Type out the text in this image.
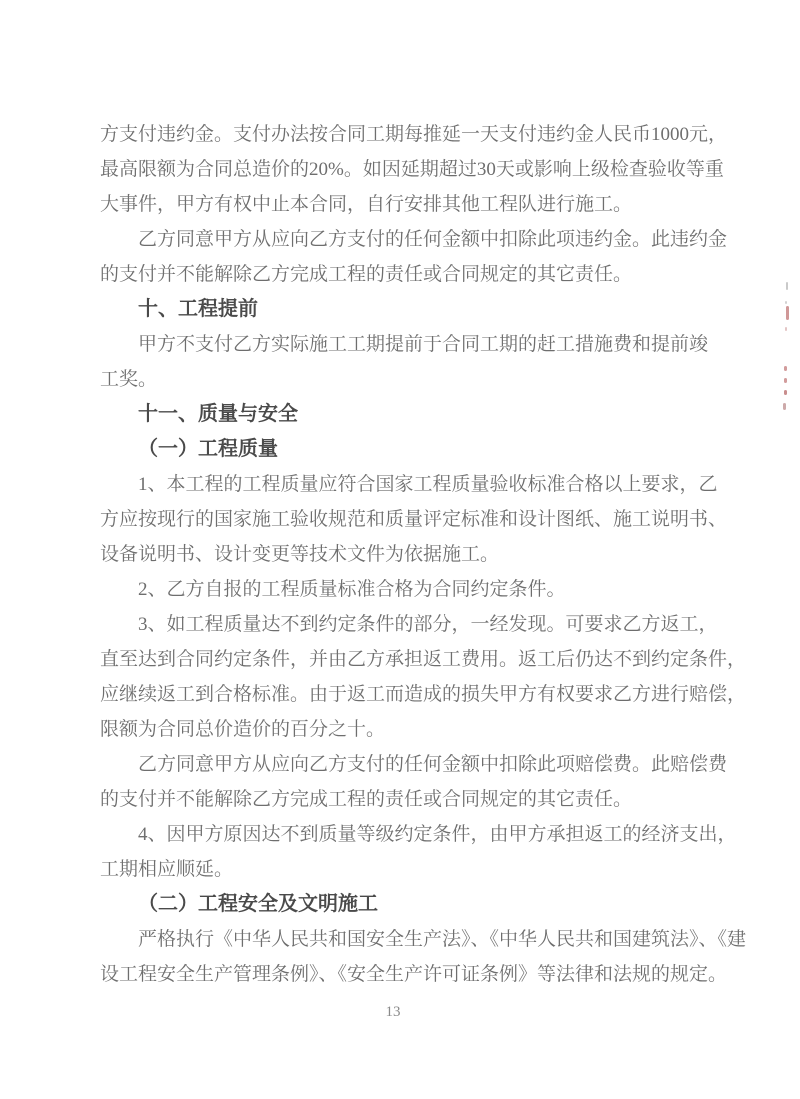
方支付违约金。支付办法按合同工期每推延一天支付违约金人民币1000元，
最高限额为合同总造价的20%。如因延期超过30天或影响上级检查验收等重
大事件，甲方有权中止本合同，自行安排其他工程队进行施工。
乙方同意甲方从应向乙方支付的任何金额中扣除此项违约金。此违约金
的支付并不能解除乙方完成工程的责任或合同规定的其它责任。
十、工程提前
甲方不支付乙方实际施工工期提前于合同工期的赶工措施费和提前竣
工奖。
十一、质量与安全
（一）工程质量
1、本工程的工程质量应符合国家工程质量验收标准合格以上要求，乙
方应按现行的国家施工验收规范和质量评定标准和设计图纸、施工说明书、
设备说明书、设计变更等技术文件为依据施工。
2、乙方自报的工程质量标准合格为合同约定条件。
3、如工程质量达不到约定条件的部分，一经发现。可要求乙方返工，
直至达到合同约定条件，并由乙方承担返工费用。返工后仍达不到约定条件，
应继续返工到合格标准。由于返工而造成的损失甲方有权要求乙方进行赔偿，
限额为合同总价造价的百分之十。
乙方同意甲方从应向乙方支付的任何金额中扣除此项赔偿费。此赔偿费
的支付并不能解除乙方完成工程的责任或合同规定的其它责任。
4、因甲方原因达不到质量等级约定条件，由甲方承担返工的经济支出，
工期相应顺延。
（二）工程安全及文明施工
严格执行《中华人民共和国安全生产法》、《中华人民共和国建筑法》、《建
设工程安全生产管理条例》、《安全生产许可证条例》等法律和法规的规定。
13
